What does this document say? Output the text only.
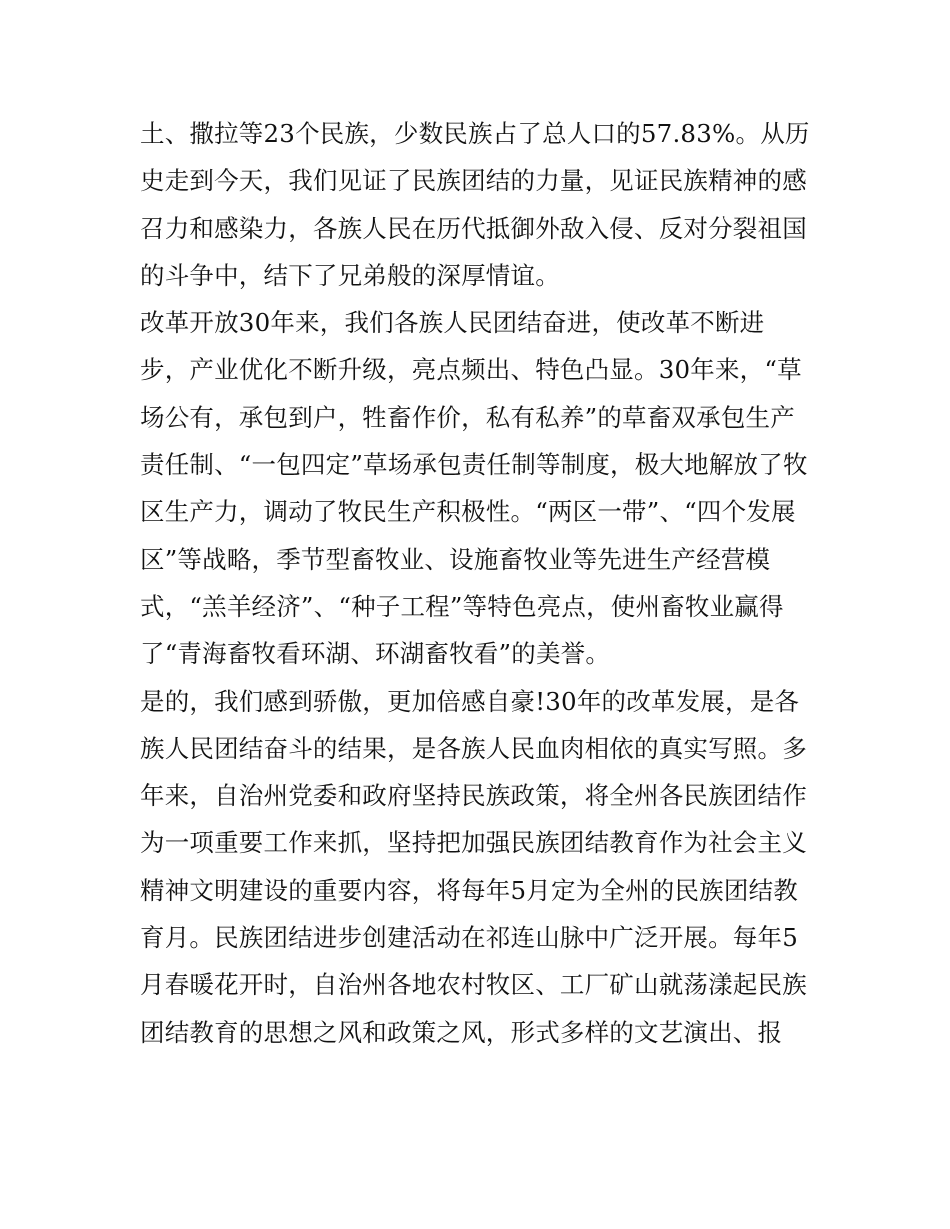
土、撒拉等23个民族，少数民族占了总人口的57.83%。从历
史走到今天，我们见证了民族团结的力量，见证民族精神的感
召力和感染力，各族人民在历代抵御外敌入侵、反对分裂祖国
的斗争中，结下了兄弟般的深厚情谊。
改革开放30年来，我们各族人民团结奋进，使改革不断进
步，产业优化不断升级，亮点频出、特色凸显。30年来，“草
场公有，承包到户，牲畜作价，私有私养”的草畜双承包生产
责任制、“一包四定”草场承包责任制等制度，极大地解放了牧
区生产力，调动了牧民生产积极性。“两区一带”、“四个发展
区”等战略，季节型畜牧业、设施畜牧业等先进生产经营模
式，“羔羊经济”、“种子工程”等特色亮点，使州畜牧业赢得
了“青海畜牧看环湖、环湖畜牧看”的美誉。
是的，我们感到骄傲，更加倍感自豪!30年的改革发展，是各
族人民团结奋斗的结果，是各族人民血肉相依的真实写照。多
年来，自治州党委和政府坚持民族政策，将全州各民族团结作
为一项重要工作来抓，坚持把加强民族团结教育作为社会主义
精神文明建设的重要内容，将每年5月定为全州的民族团结教
育月。民族团结进步创建活动在祁连山脉中广泛开展。每年5
月春暖花开时，自治州各地农村牧区、工厂矿山就荡漾起民族
团结教育的思想之风和政策之风，形式多样的文艺演出、报
